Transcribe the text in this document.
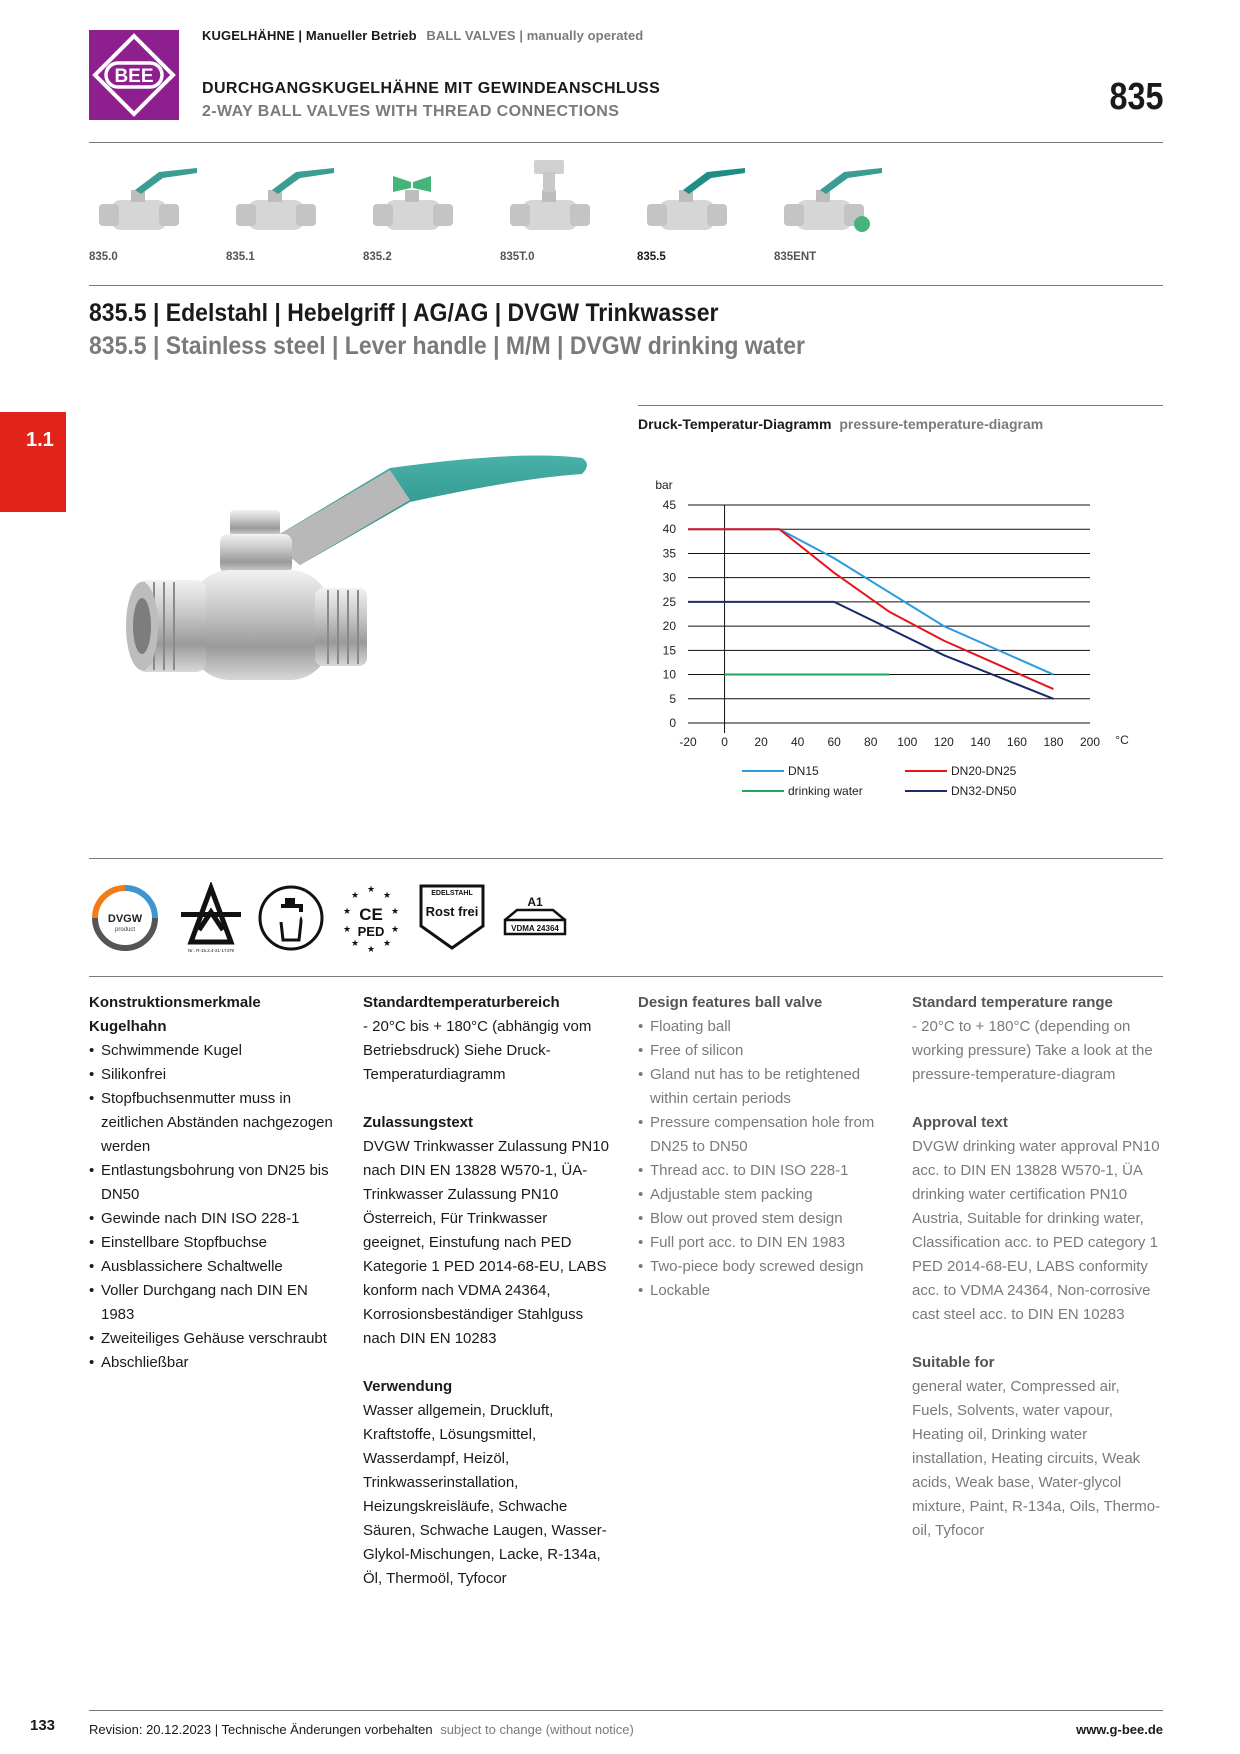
BEE
KUGELHÄHNE | Manueller Betrieb BALL VALVES | manually operated
DURCHGANGSKUGELHÄHNE MIT GEWINDEANSCHLUSS
2-WAY BALL VALVES WITH THREAD CONNECTIONS	835
835.0	835.1	835.2	835T.0	835.5	835ENT
835.5 | Edelstahl | Hebelgriff | AG/AG | DVGW Trinkwasser
835.5 | Stainless steel | Lever handle | M/M | DVGW drinking water
1.1
Druck-Temperatur-Diagramm pressure-temperature-diagram
0
5
10
15
20
25
30
35
40
45
-20 0 20 40 60 80 100 120 140 160 180 200
bar
°C
DN15	DN20-DN25
drinking water	DN32-DN50
DVGW
product
Nr.: R-15.2.4-21-17479
★
★	★
★	★
★	★
★	★
★
CE
PED
EDELSTAHL
Rost frei
A1
VDMA 24364
Konstruktionsmerkmale Kugelhahn
• Schwimmende Kugel
• Silikonfrei
• Stopfbuchsenmutter muss in zeitlichen Abständen nachgezogen werden
• Entlastungsbohrung von DN25 bis DN50
• Gewinde nach DIN ISO 228-1
• Einstellbare Stopfbuchse
• Ausblassichere Schaltwelle
• Voller Durchgang nach DIN EN 1983
• Zweiteiliges Gehäuse verschraubt
• Abschließbar
Standardtemperaturbereich

- 20°C bis + 180°C (abhängig vom Betriebsdruck) Siehe Druck-Temperaturdiagramm

Zulassungstext

DVGW Trinkwasser Zulassung PN10 nach DIN EN 13828 W570-1, ÜA-Trinkwasser Zulassung PN10 Österreich, Für Trinkwasser geeignet, Einstufung nach PED Kategorie 1 PED 2014-68-EU, LABS konform nach VDMA 24364, Korrosionsbeständiger Stahlguss nach DIN EN 10283

Verwendung

Wasser allgemein, Druckluft, Kraftstoffe, Lösungsmittel, Wasserdampf, Heizöl, Trinkwasserinstallation, Heizungskreisläufe, Schwache Säuren, Schwache Laugen, Wasser-Glykol-Mischungen, Lacke, R-134a, Öl, Thermoöl, Tyfocor

Design features ball valve
• Floating ball
• Free of silicon
• Gland nut has to be retightened within certain periods
• Pressure compensation hole from DN25 to DN50
• Thread acc. to DIN ISO 228-1
• Adjustable stem packing
• Blow out proved stem design
• Full port acc. to DIN EN 1983
• Two-piece body screwed design
• Lockable
Standard temperature range

- 20°C to + 180°C (depending on working pressure) Take a look at the pressure-temperature-diagram

Approval text

DVGW drinking water approval PN10 acc. to DIN EN 13828 W570-1, ÜA drinking water certification PN10 Austria, Suitable for drinking water, Classification acc. to PED category 1 PED 2014-68-EU, LABS conformity acc. to VDMA 24364, Non-corrosive cast steel acc. to DIN EN 10283

Suitable for

general water, Compressed air, Fuels, Solvents, water vapour, Heating oil, Drinking water installation, Heating circuits, Weak acids, Weak base, Water-glycol mixture, Paint, R-134a, Oils, Thermo-oil, Tyfocor

133	Revision: 20.12.2023 | Technische Änderungen vorbehalten subject to change (without notice)	www.g-bee.de
